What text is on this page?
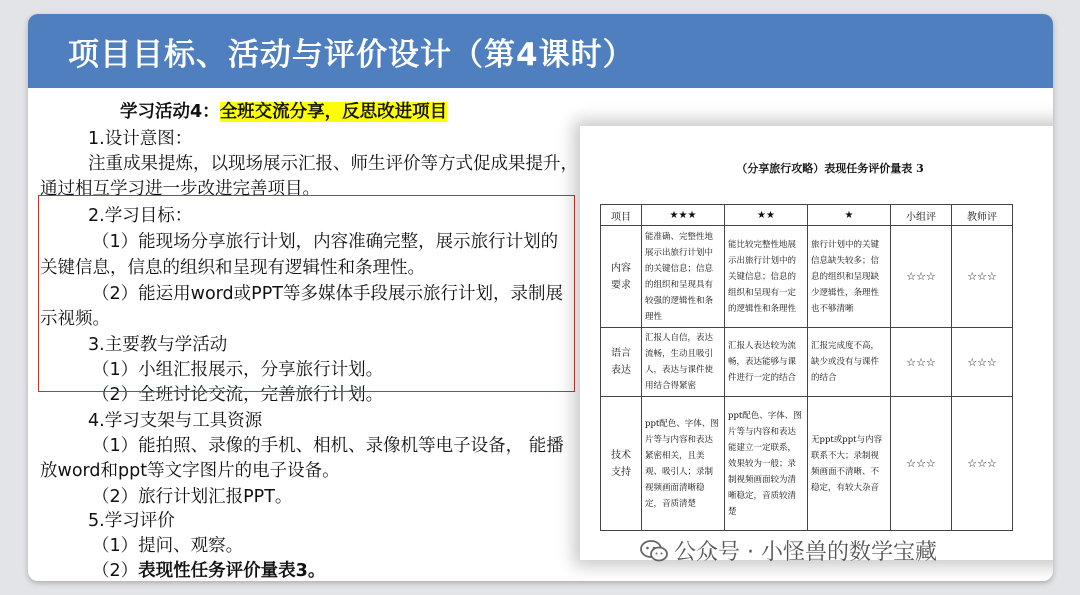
项目目标、活动与评价设计（第4课时）
学习活动4：全班交流分享，反思改进项目
1.设计意图：
注重成果提炼，以现场展示汇报、师生评价等方式促成果提升，
通过相互学习进一步改进完善项目。
2.学习目标：
（1）能现场分享旅行计划，内容准确完整，展示旅行计划的
关键信息，信息的组织和呈现有逻辑性和条理性。
（2）能运用word或PPT等多媒体手段展示旅行计划，录制展
示视频。
3.主要教与学活动
（1）小组汇报展示，分享旅行计划。
（2）全班讨论交流，完善旅行计划。
4.学习支架与工具资源
（1）能拍照、录像的手机、相机、录像机等电子设备， 能播
放word和ppt等文字图片的电子设备。
（2）旅行计划汇报PPT。
5.学习评价
（1）提问、观察。
（2）表现性任务评价量表3。
（分享旅行攻略）表现任务评价量表 3
项目	★★★	★★	★	小组评	教师评
内容
要求	能准确、完整性地展示出旅行计划中的关键信息；信息的组织和呈现具有较强的逻辑性和条理性	能比较完整性地展示出旅行计划中的关键信息；信息的组织和呈现有一定的逻辑性和条理性	旅行计划中的关键信息缺失较多；信息的组织和呈现缺少逻辑性，条理性也不够清晰	☆☆☆	☆☆☆
语言
表达	汇报人自信，表达流畅，生动且吸引人，表达与课件使用结合得紧密	汇报人表达较为流畅，表达能够与课件进行一定的结合	汇报完成度不高，缺少或没有与课件的结合	☆☆☆	☆☆☆
技术
支持	ppt配色、字体、图片等与内容和表达紧密相关，且美观、吸引人；录制视频画面清晰稳定，音质清楚	ppt配色、字体、图片等与内容和表达能建立一定联系，效果较为一般；录制视频画面较为清晰稳定，音质较清楚	无ppt或ppt与内容联系不大；录制视频画面不清晰、不稳定，有较大杂音	☆☆☆	☆☆☆
公众号 · 小怪兽的数学宝藏
